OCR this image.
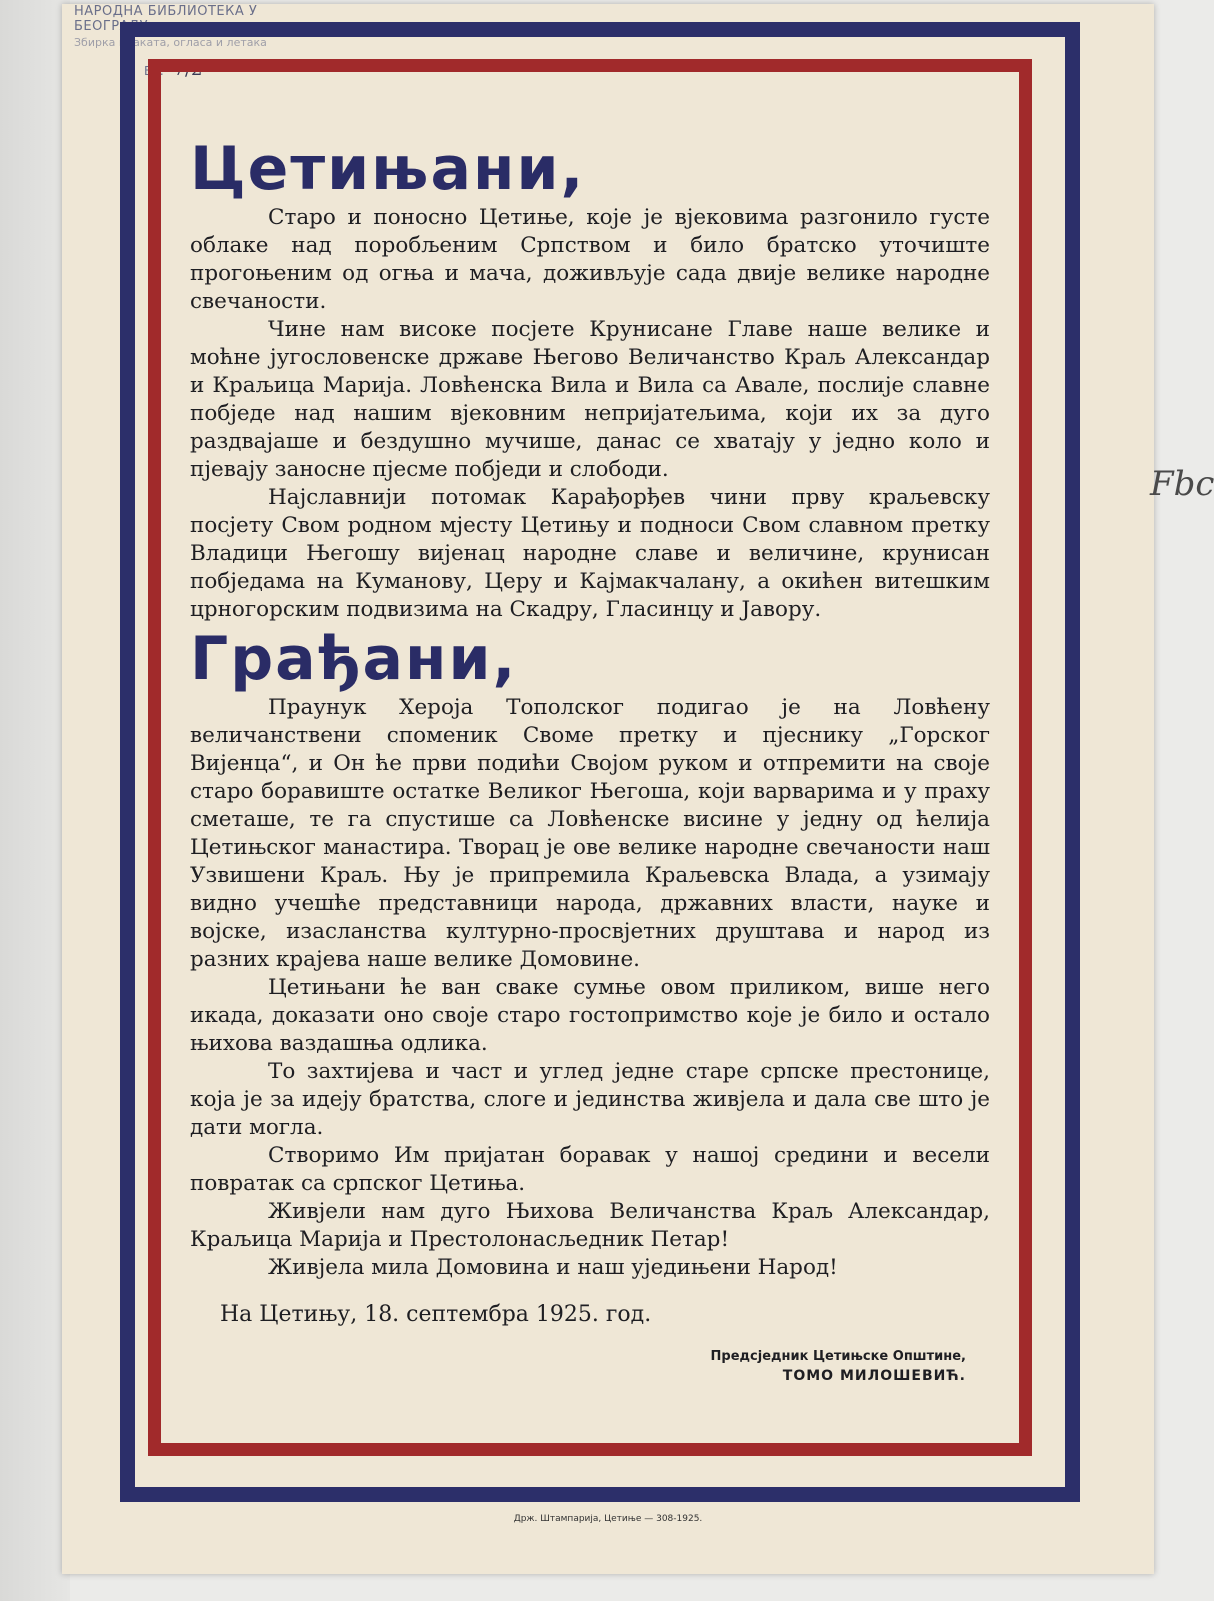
НАРОДНА БИБЛИОТЕКА У БЕОГРАДУ
Збирка плаката, огласа и летака
Бр. 7/2
Fbc
Цетињани,

Старо и поносно Цетиње, које је вјековима разгонило густе облаке над поробљеним Српством и било братско уточиште прогоњеним од огња и мача, доживљује сада двије велике народне свечаности.

Чине нам високе посјете Крунисане Главе наше велике и моћне југословенске државе Његово Величанство Краљ Александар и Краљица Марија. Ловћенска Вила и Вила са Авале, послије славне побједе над нашим вјековним непријатељима, који их за дуго раздвајаше и бездушно мучише, данас се хватају у једно коло и пјевају заносне пјесме побједи и слободи.

Најславнији потомак Карађорђев чини прву краљевску посјету Свом родном мјесту Цетињу и подноси Свом славном претку Владици Његошу вијенац народне славе и величине, крунисан побједама на Куманову, Церу и Кајмакчалану, а окићен витешким црногорским подвизима на Скадру, Гласинцу и Јавору.

Грађани,

Праунук Хероја Тополског подигао је на Ловћену величанствени споменик Своме претку и пјеснику „Горског Вијенца“, и Он ће први подићи Својом руком и отпремити на своје старо боравиште остатке Великог Његоша, који варварима и у праху сметаше, те га спустише са Ловћенске висине у једну од ћелија Цетињског манастира. Творац је ове велике народне свечаности наш Узвишени Краљ. Њу је припремила Краљевска Влада, а узимају видно учешће представници народа, државних власти, науке и војске, изасланства културно-просвјетних друштава и народ из разних крајева наше велике Домовине.

Цетињани ће ван сваке сумње овом приликом, више него икада, доказати оно своје старо гостопримство које је било и остало њихова ваздашња одлика.

То захтијева и част и углед једне старе српске престонице, која је за идеју братства, слоге и јединства живјела и дала све што је дати могла.

Створимо Им пријатан боравак у нашој средини и весели повратак са српског Цетиња.

Живјели нам дуго Њихова Величанства Краљ Александар, Краљица Марија и Престолонасљедник Петар!

Живјела мила Домовина и наш уједињени Народ!

На Цетињу, 18. септембра 1925. год.
Предсједник Цетињске Општине,
ТОМО МИЛОШЕВИЋ.
Држ. Штампарија, Цетиње — 308-1925.
